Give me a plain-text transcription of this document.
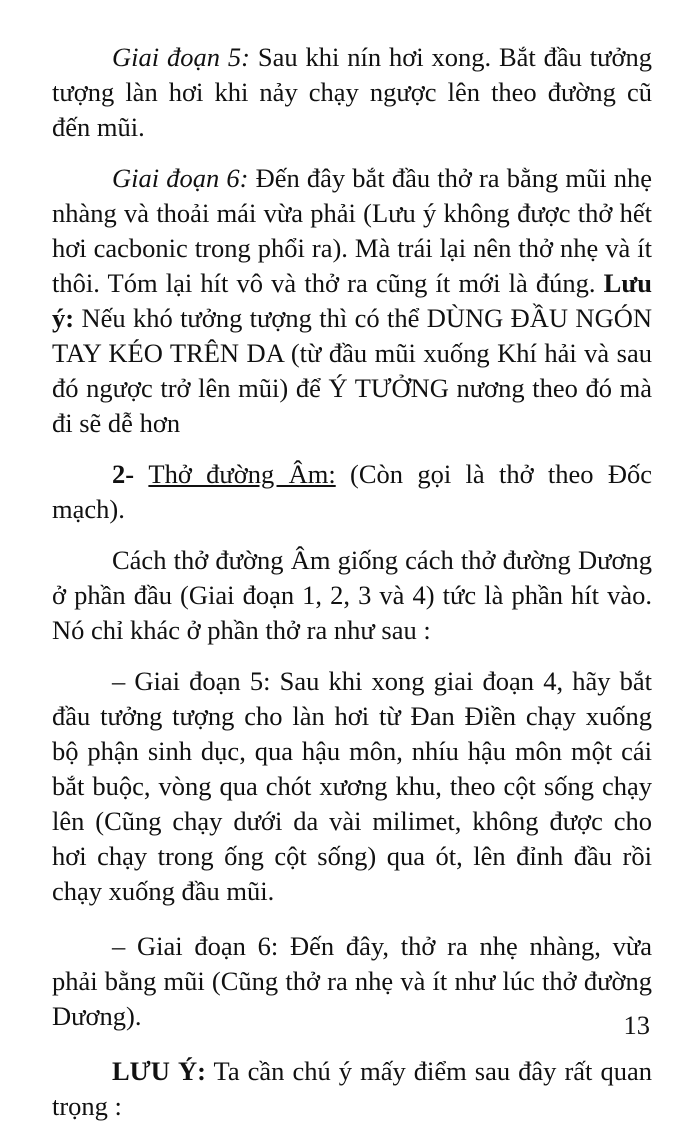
Giai đoạn 5: Sau khi nín hơi xong. Bắt đầu tưởng tượng làn hơi khi nảy chạy ngược lên theo đường cũ đến mũi.

Giai đoạn 6: Đến đây bắt đầu thở ra bằng mũi nhẹ nhàng và thoải mái vừa phải (Lưu ý không được thở hết hơi cacbonic trong phổi ra). Mà trái lại nên thở nhẹ và ít thôi. Tóm lại hít vô và thở ra cũng ít mới là đúng. Lưu ý: Nếu khó tưởng tượng thì có thể DÙNG ĐẦU NGÓN TAY KÉO TRÊN DA (từ đầu mũi xuống Khí hải và sau đó ngược trở lên mũi) để Ý TƯỞNG nương theo đó mà đi sẽ dễ hơn

2- Thở đường Âm: (Còn gọi là thở theo Đốc mạch).

Cách thở đường Âm giống cách thở đường Dương ở phần đầu (Giai đoạn 1, 2, 3 và 4) tức là phần hít vào. Nó chỉ khác ở phần thở ra như sau :

– Giai đoạn 5: Sau khi xong giai đoạn 4, hãy bắt đầu tưởng tượng cho làn hơi từ Đan Điền chạy xuống bộ phận sinh dục, qua hậu môn, nhíu hậu môn một cái bắt buộc, vòng qua chót xương khu, theo cột sống chạy lên (Cũng chạy dưới da vài milimet, không được cho hơi chạy trong ống cột sống) qua ót, lên đỉnh đầu rồi chạy xuống đầu mũi.

– Giai đoạn 6: Đến đây, thở ra nhẹ nhàng, vừa phải bằng mũi (Cũng thở ra nhẹ và ít như lúc thở đường Dương).

LƯU Ý: Ta cần chú ý mấy điểm sau đây rất quan trọng :

13
